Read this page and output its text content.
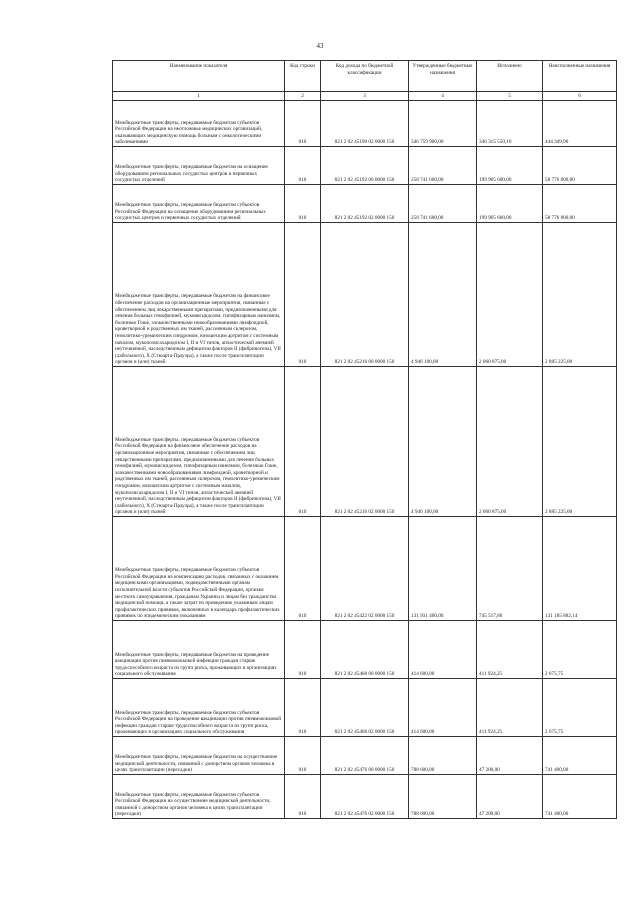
43
Наименование показателя	Код строки	Код дохода по бюджетной классификации	Утвержденные бюджетные назначения	Исполнено	Неисполненные назначения
1	2	3	4	5	6
Межбюджетные трансферты, передаваемые бюджетам субъектов Российской Федерации на неотложные медицинских организаций, оказывающих медицинскую помощь больным с онкологическими заболеваниями	010	821 2 02 45190 02 0000 150	346 759 900,00	346 315 550,10	444 349,90
Межбюджетные трансферты, передаваемые бюджетам на оснащение оборудованием региональных сосудистых центров и первичных сосудистых отделений	010	821 2 02 45192 00 0000 150	258 741 600,00	199 965 600,00	58 776 000,00
Межбюджетные трансферты, передаваемые бюджетам субъектов Российской Федерации на оснащение оборудованием региональных сосудистых центров и первичных сосудистых отделений	010	821 2 02 45192 02 0000 150	258 741 600,00	199 965 600,00	58 776 000,00
Межбюджетные трансферты, передаваемые бюджетам на финансовое обеспечение расходов на организационные мероприятия, связанные с обеспечением лиц лекарственными препаратами, предназначенными для лечения больных гемофилией, муковисцидозом, гипофизарным нанизмом, болезнью Гоше, злокачественными новообразованиями лимфоидной, кроветворной и родственных им тканей, рассеянным склерозом, гемолитико-уремическим синдромом, юношеским артритом с системным началом, мукополисахаридозом I, II и VI типов, апластической анемией неуточненной, наследственным дефицитом факторов II (фибриногена), VII (лабильного), X (Стюарта-Прауэра), а также после трансплантации органов и (или) тканей	010	821 2 02 45216 00 0000 150	4 946 100,00	2 060 875,00	2 885 225,00
Межбюджетные трансферты, передаваемые бюджетам субъектов Российской Федерации на финансовое обеспечение расходов на организационные мероприятия, связанные с обеспечением лиц лекарственными препаратами, предназначенными для лечения больных гемофилией, муковисцидозом, гипофизарным нанизмом, болезнью Гоше, злокачественными новообразованиями лимфоидной, кроветворной и родственных им тканей, рассеянным склерозом, гемолитико-уремическим синдромом, юношеским артритом с системным началом, мукополисахаридозом I, II и VI типов, апластической анемией неуточненной, наследственным дефицитом факторов II (фибриногена), VII (лабильного), X (Стюарта-Прауэра), а также после трансплантации органов и (или) тканей	010	821 2 02 45216 02 0000 150	4 946 100,00	2 060 875,00	2 885 225,00
Межбюджетные трансферты, передаваемые бюджетам субъектов Российской Федерации на компенсацию расходов, связанных с оказанием медицинскими организациями, подведомственными органам исполнительной власти субъектов Российской Федерации, органам местного самоуправления, гражданам Украины и лицам без гражданства медицинской помощи, а также затрат по проведению указанным лицам профилактических прививок, включенных в календарь профилактических прививок по эпидемическим показаниям	010	821 2 02 45422 02 0000 150	131 931 400,00	745 517,86	131 185 882,14
Межбюджетные трансферты, передаваемые бюджетам на проведение вакцинации против пневмококковой инфекции граждан старше трудоспособного возраста из групп риска, проживающих в организациях социального обслуживания	010	821 2 02 45468 00 0000 150	414 600,00	411 924,25	2 675,75
Межбюджетные трансферты, передаваемые бюджетам субъектов Российской Федерации на проведение вакцинации против пневмококковой инфекции граждан старше трудоспособного возраста из групп риска, проживающих в организациях социального обслуживания	010	821 2 02 45468 02 0000 150	414 600,00	411 924,25	2 675,75
Межбюджетные трансферты, передаваемые бюджетам на осуществление медицинской деятельности, связанной с донорством органов человека в целях трансплантации (пересадки)	010	821 2 02 45476 00 0000 150	788 600,00	47 200,00	741 400,00
Межбюджетные трансферты, передаваемые бюджетам субъектов Российской Федерации на осуществление медицинской деятельности, связанной с донорством органов человека в целях трансплантации (пересадки)	010	821 2 02 45476 02 0000 150	788 600,00	47 200,00	741 400,00
